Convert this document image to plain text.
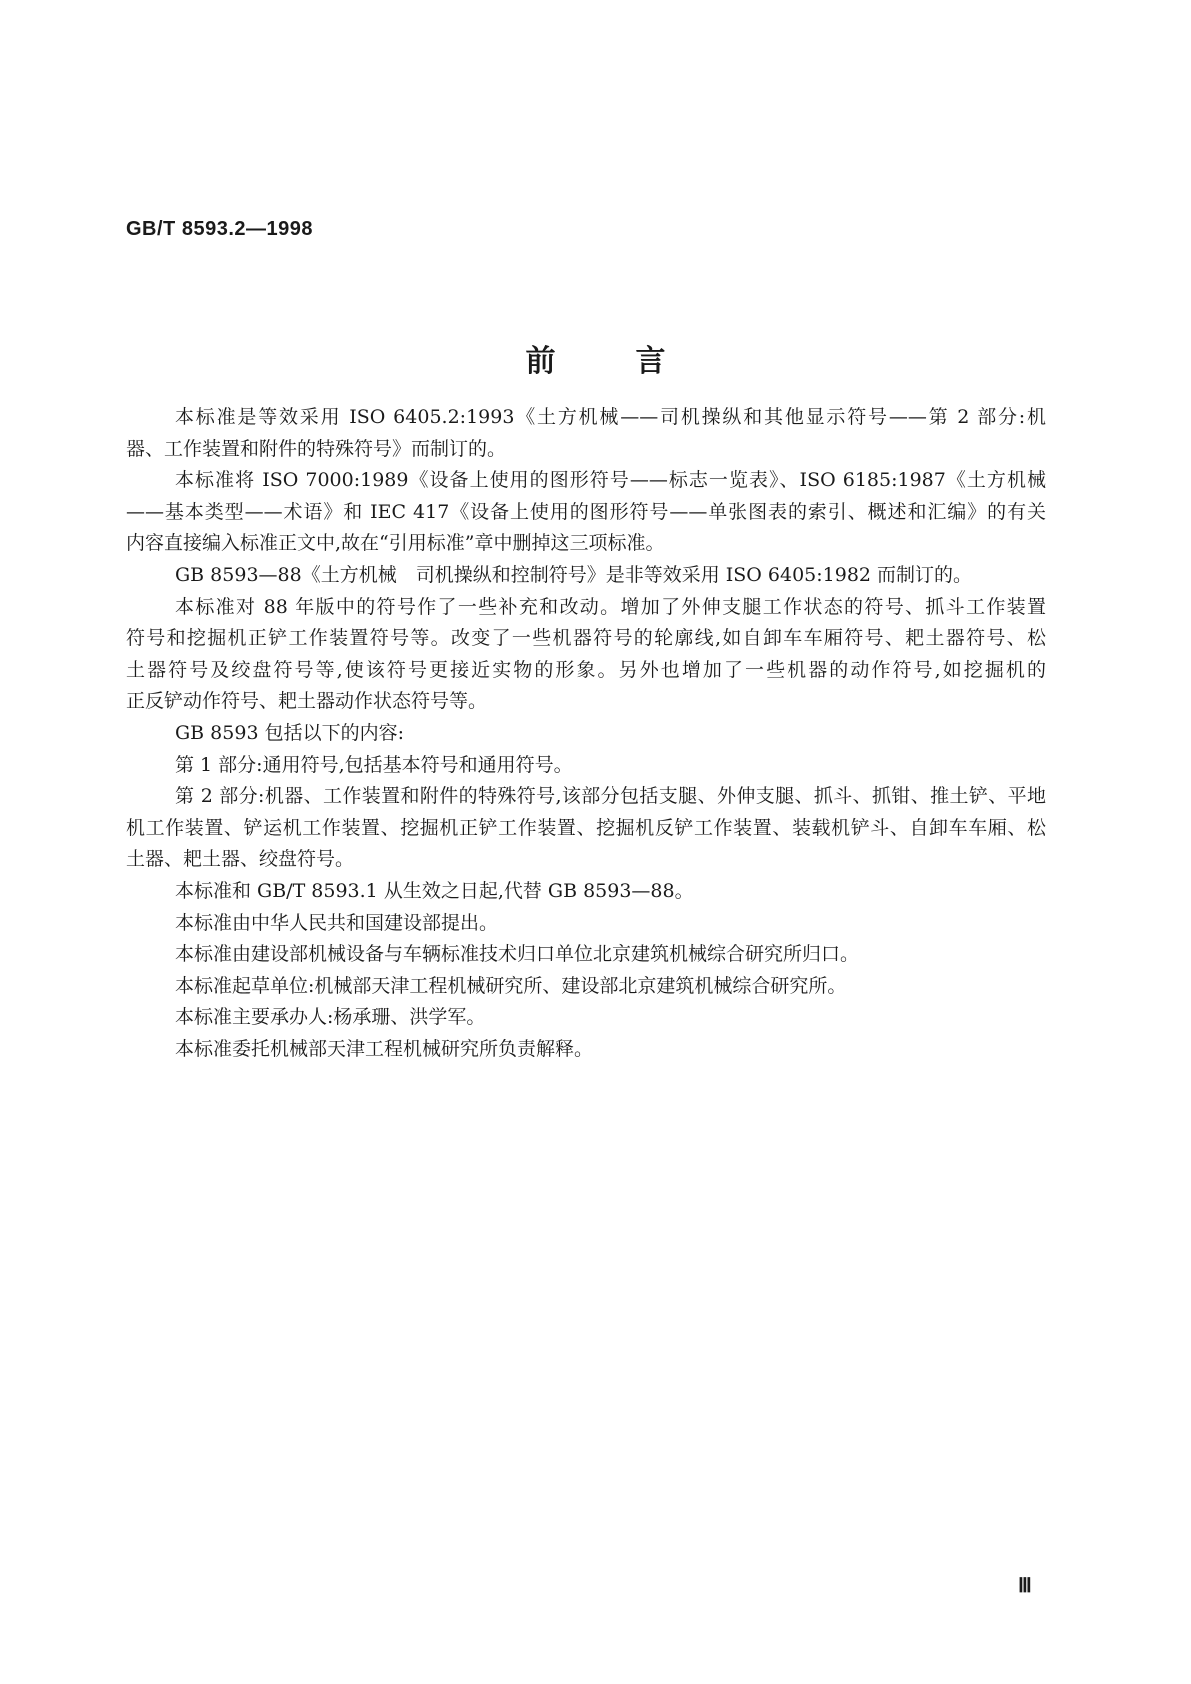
GB/T 8593.2—1998
前	言
本标准是等效采用 ISO 6405.2:1993《土方机械——司机操纵和其他显示符号——第 2 部分:机
器、工作装置和附件的特殊符号》而制订的。
本标准将 ISO 7000:1989《设备上使用的图形符号——标志一览表》、ISO 6185:1987《土方机械
——基本类型——术语》和 IEC 417《设备上使用的图形符号——单张图表的索引、概述和汇编》的有关
内容直接编入标准正文中,故在“引用标准”章中删掉这三项标准。
GB 8593—88《土方机械　司机操纵和控制符号》是非等效采用 ISO 6405:1982 而制订的。
本标准对 88 年版中的符号作了一些补充和改动。增加了外伸支腿工作状态的符号、抓斗工作装置
符号和挖掘机正铲工作装置符号等。改变了一些机器符号的轮廓线,如自卸车车厢符号、耙土器符号、松
土器符号及绞盘符号等,使该符号更接近实物的形象。另外也增加了一些机器的动作符号,如挖掘机的
正反铲动作符号、耙土器动作状态符号等。
GB 8593 包括以下的内容:
第 1 部分:通用符号,包括基本符号和通用符号。
第 2 部分:机器、工作装置和附件的特殊符号,该部分包括支腿、外伸支腿、抓斗、抓钳、推土铲、平地
机工作装置、铲运机工作装置、挖掘机正铲工作装置、挖掘机反铲工作装置、装载机铲斗、自卸车车厢、松
土器、耙土器、绞盘符号。
本标准和 GB/T 8593.1 从生效之日起,代替 GB 8593—88。
本标准由中华人民共和国建设部提出。
本标准由建设部机械设备与车辆标准技术归口单位北京建筑机械综合研究所归口。
本标准起草单位:机械部天津工程机械研究所、建设部北京建筑机械综合研究所。
本标准主要承办人:杨承珊、洪学军。
本标准委托机械部天津工程机械研究所负责解释。
Ⅲ
